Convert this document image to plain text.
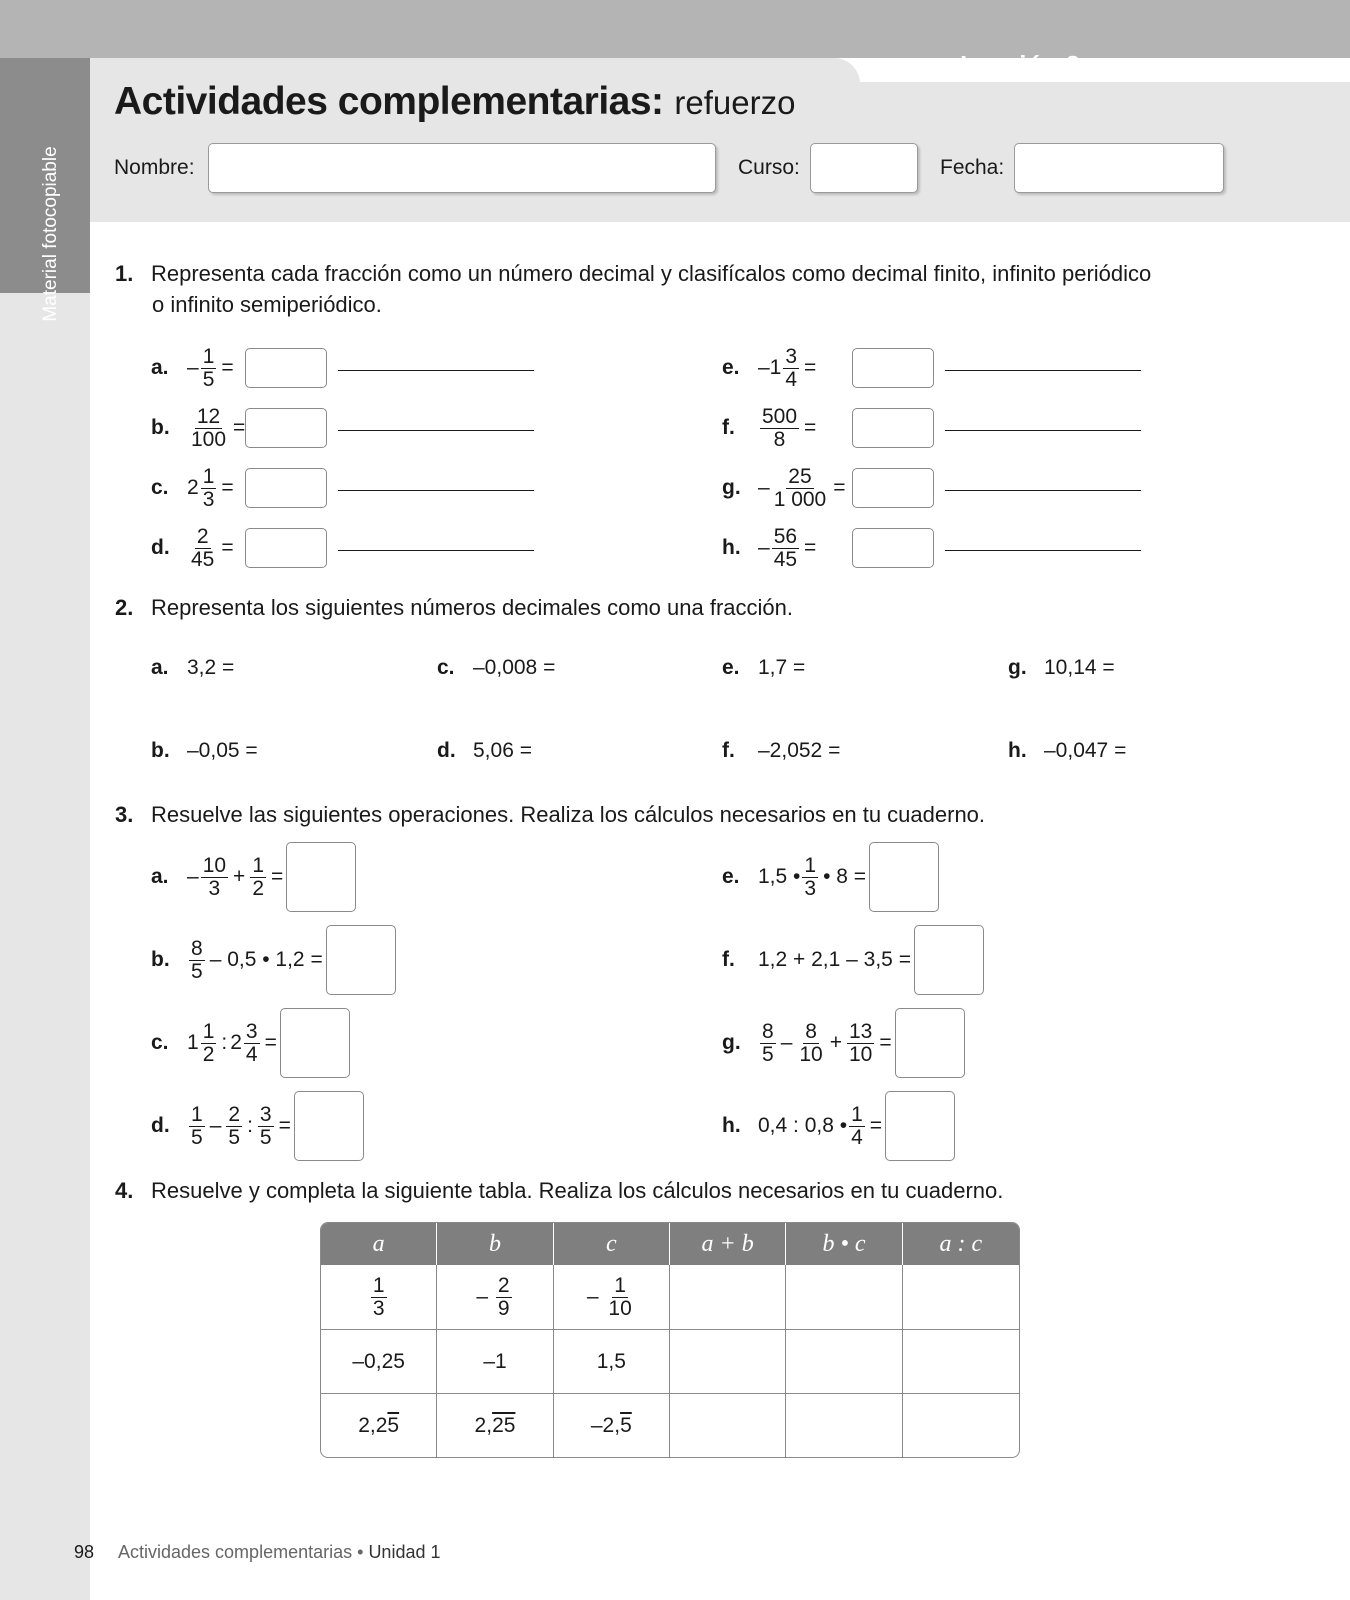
Material fotocopiable
Lección 2
Actividades complementarias: refuerzo
Nombre:	Curso:	Fecha:
1. Representa cada fracción como un número decimal y clasifícalos como decimal finito, infinito periódico
o infinito semiperiódico.
a. – $\frac{1}{5}$ =
b. $\frac{12}{100}$ =
c. $2 \frac{1}{3}$ =
d. $\frac{2}{45}$ =
e. $-1 \frac{3}{4}$ =
f.	$\frac{500}{8}$ =
g. – $\frac{25}{1 000}$ =
h. – $\frac{56}{45}$ =
2. Representa los siguientes números decimales como una fracción.
a. 3,2 =	c. –0,008 =	e. 1,7 =	g. 10,14 =
b. –0,05 =	d. 5,06 =	f.	–2,052 =	h. –0,047 =
3. Resuelve las siguientes operaciones. Realiza los cálculos necesarios en tu cuaderno.
a. – $\frac{10}{3} + \frac{1}{2}$ =
b. $\frac{8}{5} - 0,5$ • 1,2 =
c. $1 \frac{1}{2}$ : $2 \frac{3}{4}$ =
d. $\frac{1}{5} - \frac{2}{5}$ : $\frac{3}{5}$ =
e. 1,5 • $\frac{1}{3}$ • 8 =
f.	1,2 + 2,1 – 3,5 =
g. $\frac{8}{5} - \frac{8}{10} + \frac{13}{10}$ =
h. 0,4 : 0,8 • $\frac{1}{4}$ =
4. Resuelve y completa la siguiente tabla. Realiza los cálculos necesarios en tu cuaderno.
a	b	c	a + b	b • c	a : c

$\frac{1}{3}$	– $\frac{2}{9}$	– $\frac{1}{10}$

–0,25	–1	1,5			
2,25	2,25	–2,5			
98 Actividades complementarias • Unidad 1
